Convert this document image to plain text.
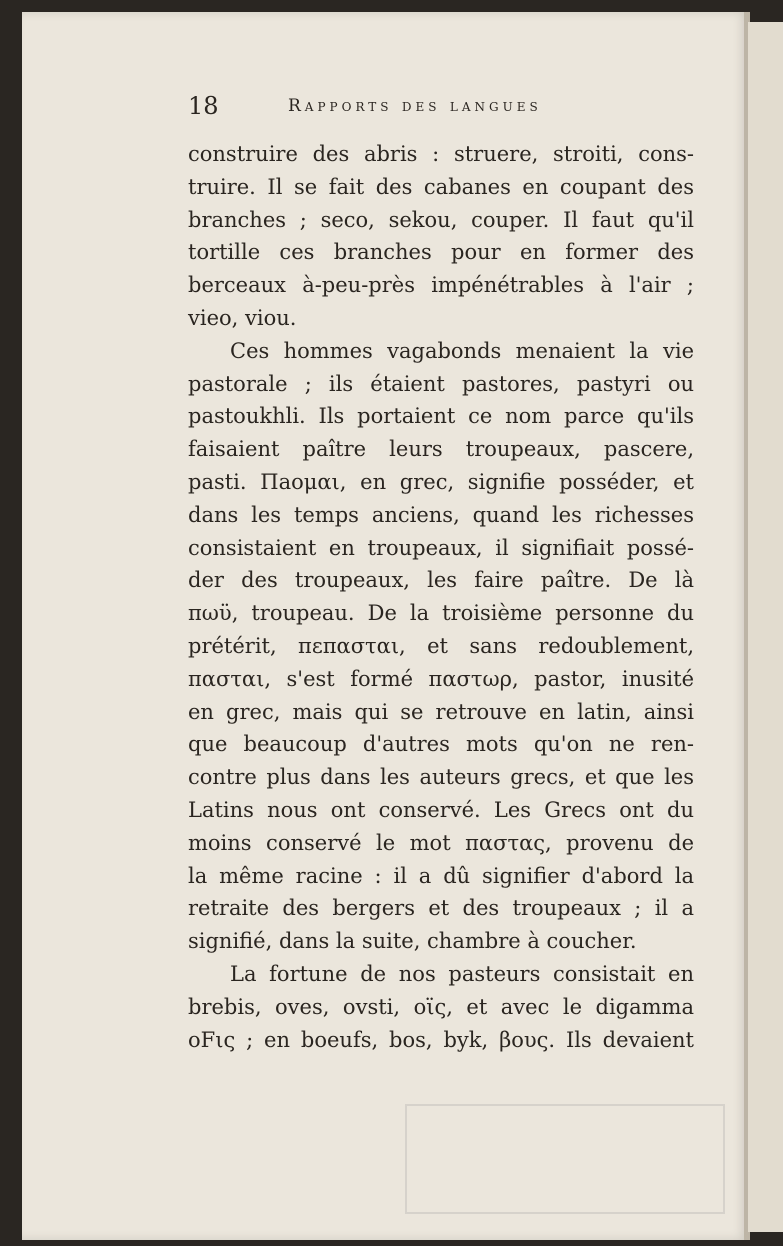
18	Rapports des langues
construire des abris : struere, stroiti, cons-
truire. Il se fait des cabanes en coupant des
branches ; seco, sekou, couper. Il faut qu'il
tortille ces branches pour en former des
berceaux à-peu-près impénétrables à l'air ;
vieo, viou.
Ces hommes vagabonds menaient la vie
pastorale ; ils étaient pastores, pastyri ou
pastoukhli. Ils portaient ce nom parce qu'ils
faisaient paître leurs troupeaux, pascere,
pasti. Πaoμαι, en grec, signifie posséder, et
dans les temps anciens, quand les richesses
consistaient en troupeaux, il signifiait possé-
der des troupeaux, les faire paître. De là
πωϋ, troupeau. De la troisième personne du
prétérit, πεπασται, et sans redoublement,
πασται, s'est formé παστωρ, pastor, inusité
en grec, mais qui se retrouve en latin, ainsi
que beaucoup d'autres mots qu'on ne ren-
contre plus dans les auteurs grecs, et que les
Latins nous ont conservé. Les Grecs ont du
moins conservé le mot παστας, provenu de
la même racine : il a dû signifier d'abord la
retraite des bergers et des troupeaux ; il a
signifié, dans la suite, chambre à coucher.
La fortune de nos pasteurs consistait en
brebis, oves, ovsti, οϊς, et avec le digamma
oFις ; en boeufs, bos, byk, βους. Ils devaient
